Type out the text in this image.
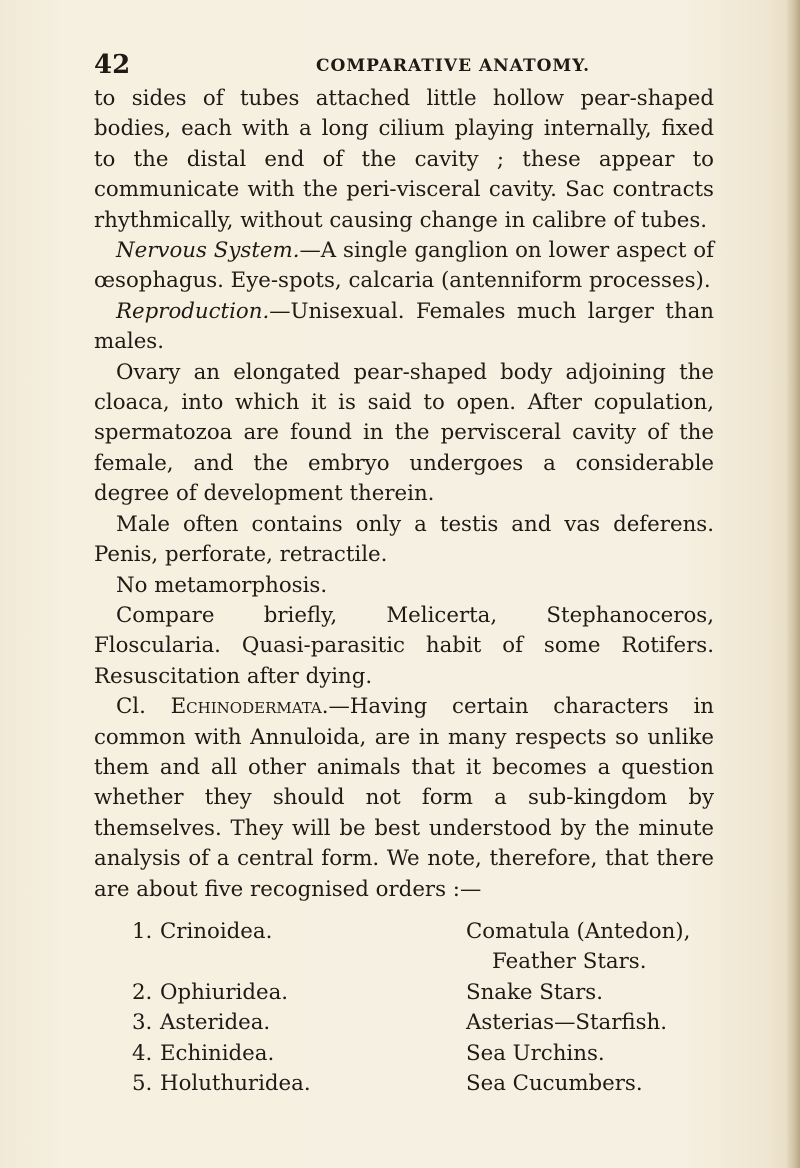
42	COMPARATIVE ANATOMY.

to sides of tubes attached little hollow pear-shaped bodies, each with a long cilium playing internally, fixed to the distal end of the cavity ; these appear to communicate with the peri-visceral cavity. Sac contracts rhythmically, without causing change in calibre of tubes.

Nervous System.—A single ganglion on lower aspect of œsophagus. Eye-spots, calcaria (antenniform processes).

Reproduction.—Unisexual. Females much larger than males.

Ovary an elongated pear-shaped body adjoining the cloaca, into which it is said to open. After copulation, spermatozoa are found in the pervisceral cavity of the female, and the embryo undergoes a considerable degree of development therein.

Male often contains only a testis and vas deferens. Penis, perforate, retractile.

No metamorphosis.

Compare briefly, Melicerta, Stephanoceros, Floscularia. Quasi-parasitic habit of some Rotifers. Resuscitation after dying.

Cl. Echinodermata.—Having certain characters in common with Annuloida, are in many respects so unlike them and all other animals that it becomes a question whether they should not form a sub-kingdom by themselves. They will be best understood by the minute analysis of a central form. We note, therefore, that there are about five recognised orders :—

1. Crinoidea.	Comatula (Antedon),
Feather Stars.
2. Ophiuridea.	Snake Stars.
3. Asteridea.	Asterias—Starfish.
4. Echinidea.	Sea Urchins.
5. Holuthuridea.	Sea Cucumbers.
